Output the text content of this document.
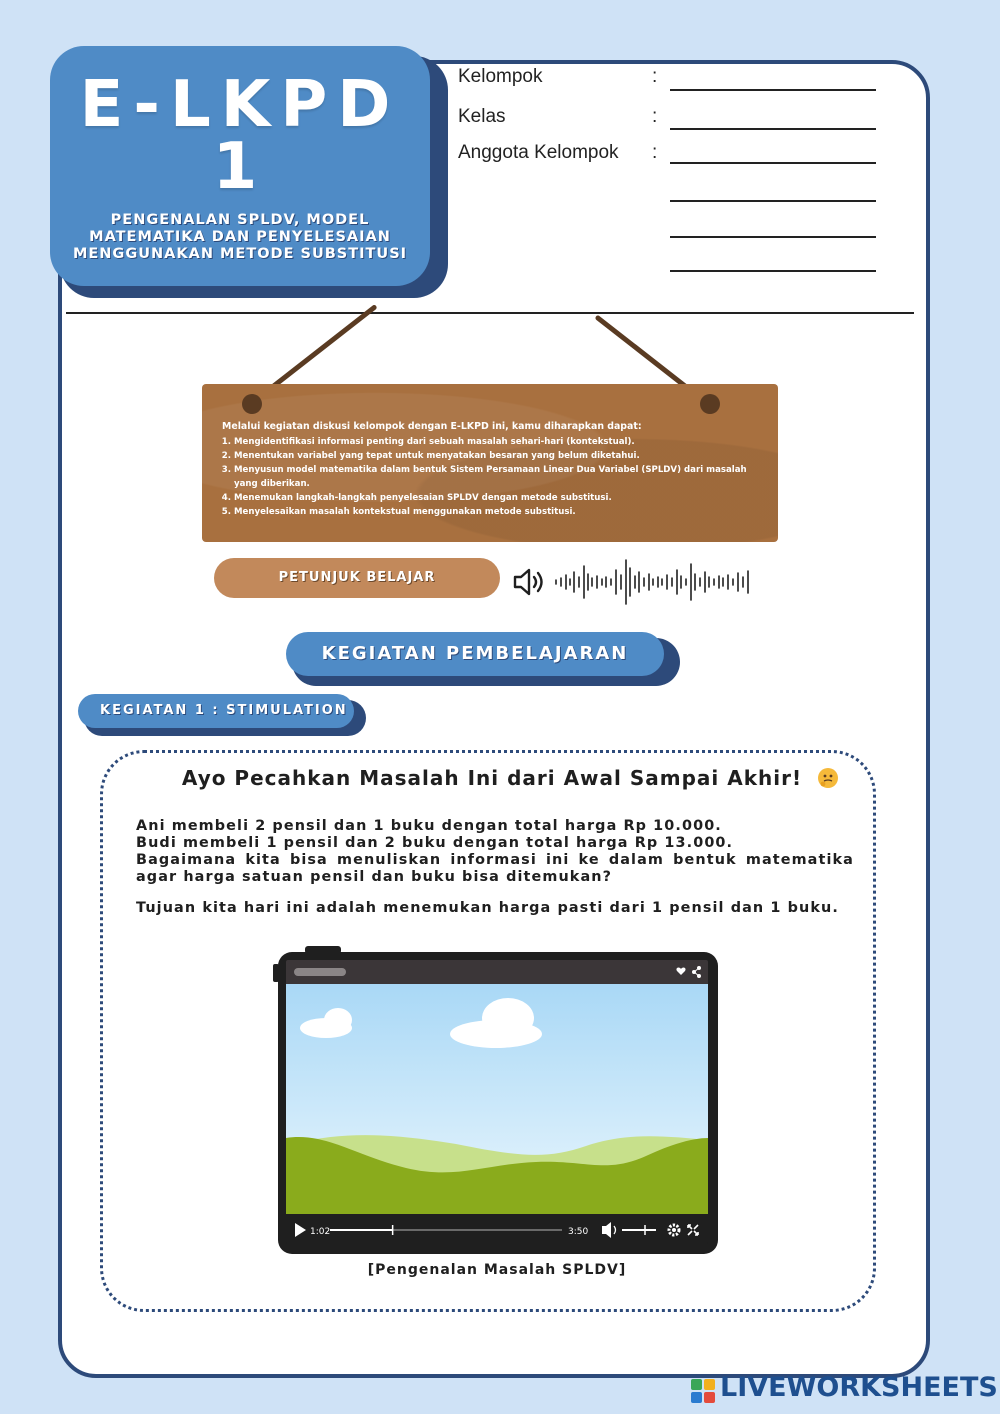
E-LKPD
1
PENGENALAN SPLDV, MODEL MATEMATIKA DAN PENYELESAIAN MENGGUNAKAN METODE SUBSTITUSI
Kelompok	:
Kelas	:
Anggota Kelompok :
Melalui kegiatan diskusi kelompok dengan E-LKPD ini, kamu diharapkan dapat:
1. Mengidentifikasi informasi penting dari sebuah masalah sehari-hari (kontekstual).
2. Menentukan variabel yang tepat untuk menyatakan besaran yang belum diketahui.
3. Menyusun model matematika dalam bentuk Sistem Persamaan Linear Dua Variabel (SPLDV) dari masalah yang diberikan.
4. Menemukan langkah-langkah penyelesaian SPLDV dengan metode substitusi.
5. Menyelesaikan masalah kontekstual menggunakan metode substitusi.
PETUNJUK BELAJAR
KEGIATAN PEMBELAJARAN
KEGIATAN 1 : STIMULATION
Ayo Pecahkan Masalah Ini dari Awal Sampai Akhir!
Ani membeli 2 pensil dan 1 buku dengan total harga Rp 10.000.
Budi membeli 1 pensil dan 2 buku dengan total harga Rp 13.000.
Bagaimana kita bisa menuliskan informasi ini ke dalam bentuk matematika agar harga satuan pensil dan buku bisa ditemukan?
Tujuan kita hari ini adalah menemukan harga pasti dari 1 pensil dan 1 buku.
1:02	3:50
[Pengenalan Masalah SPLDV]
LIVEWORKSHEETS
